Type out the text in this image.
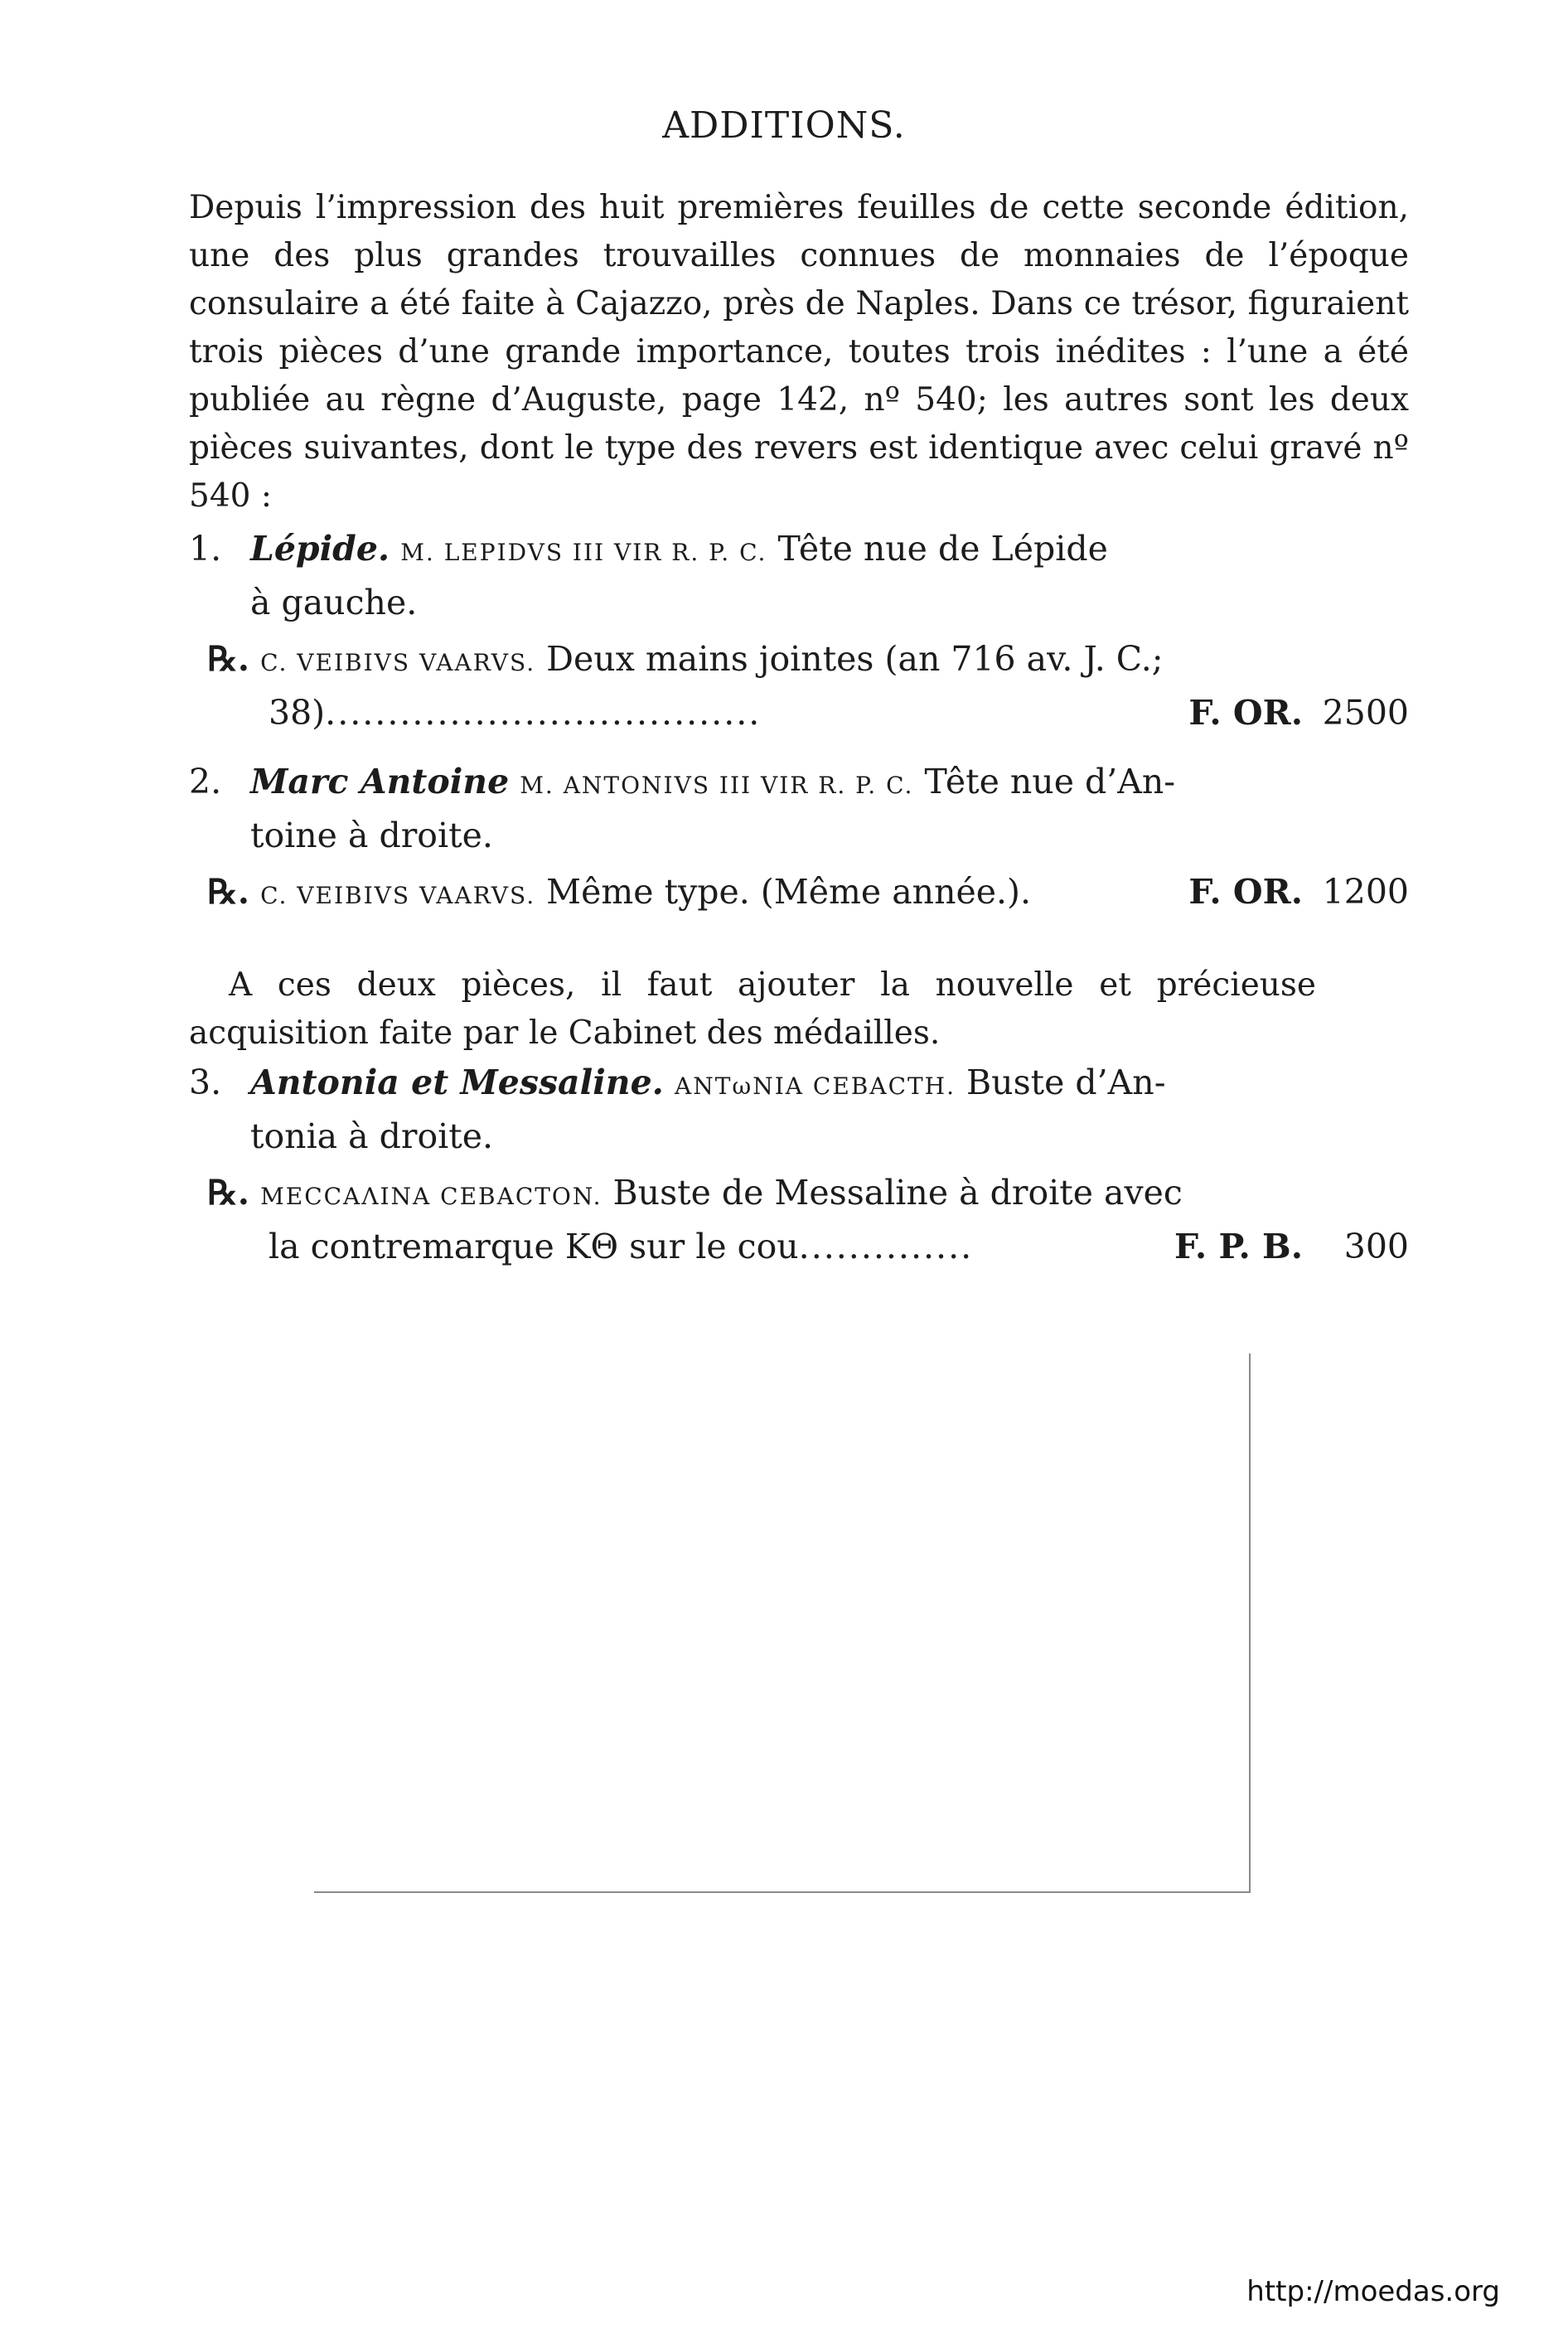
ADDITIONS.

Depuis l’impression des huit premières feuilles de cette seconde édition, une des plus grandes trouvailles connues de monnaies de l’époque consulaire a été faite à Cajazzo, près de Naples. Dans ce trésor, figuraient trois pièces d’une grande importance, toutes trois inédites : l’une a été publiée au règne d’Auguste, page 142, nº 540; les autres sont les deux pièces suivantes, dont le type des revers est identique avec celui gravé nº 540 :

1. Lépide. M. LEPIDVS III VIR R. P. C. Tête nue de Lépide
à gauche.
℞. C. VEIBIVS VAARVS. Deux mains jointes (an 716 av. J. C.;
38)...................................	F. OR. 2500
2. Marc Antoine M. ANTONIVS III VIR R. P. C. Tête nue d’An-
toine à droite.
℞. C. VEIBIVS VAARVS. Même type. (Même année.).	F. OR. 1200

A ces deux pièces, il faut ajouter la nouvelle et précieuse acquisition faite par le Cabinet des médailles.

3. Antonia et Messaline. ANTωNIA CEBACTH. Buste d’An-
tonia à droite.
℞. MECCAΛINA CEBACTON. Buste de Messaline à droite avec
la contremarque KΘ sur le cou..............	F. P. B. 300
http://moedas.org
